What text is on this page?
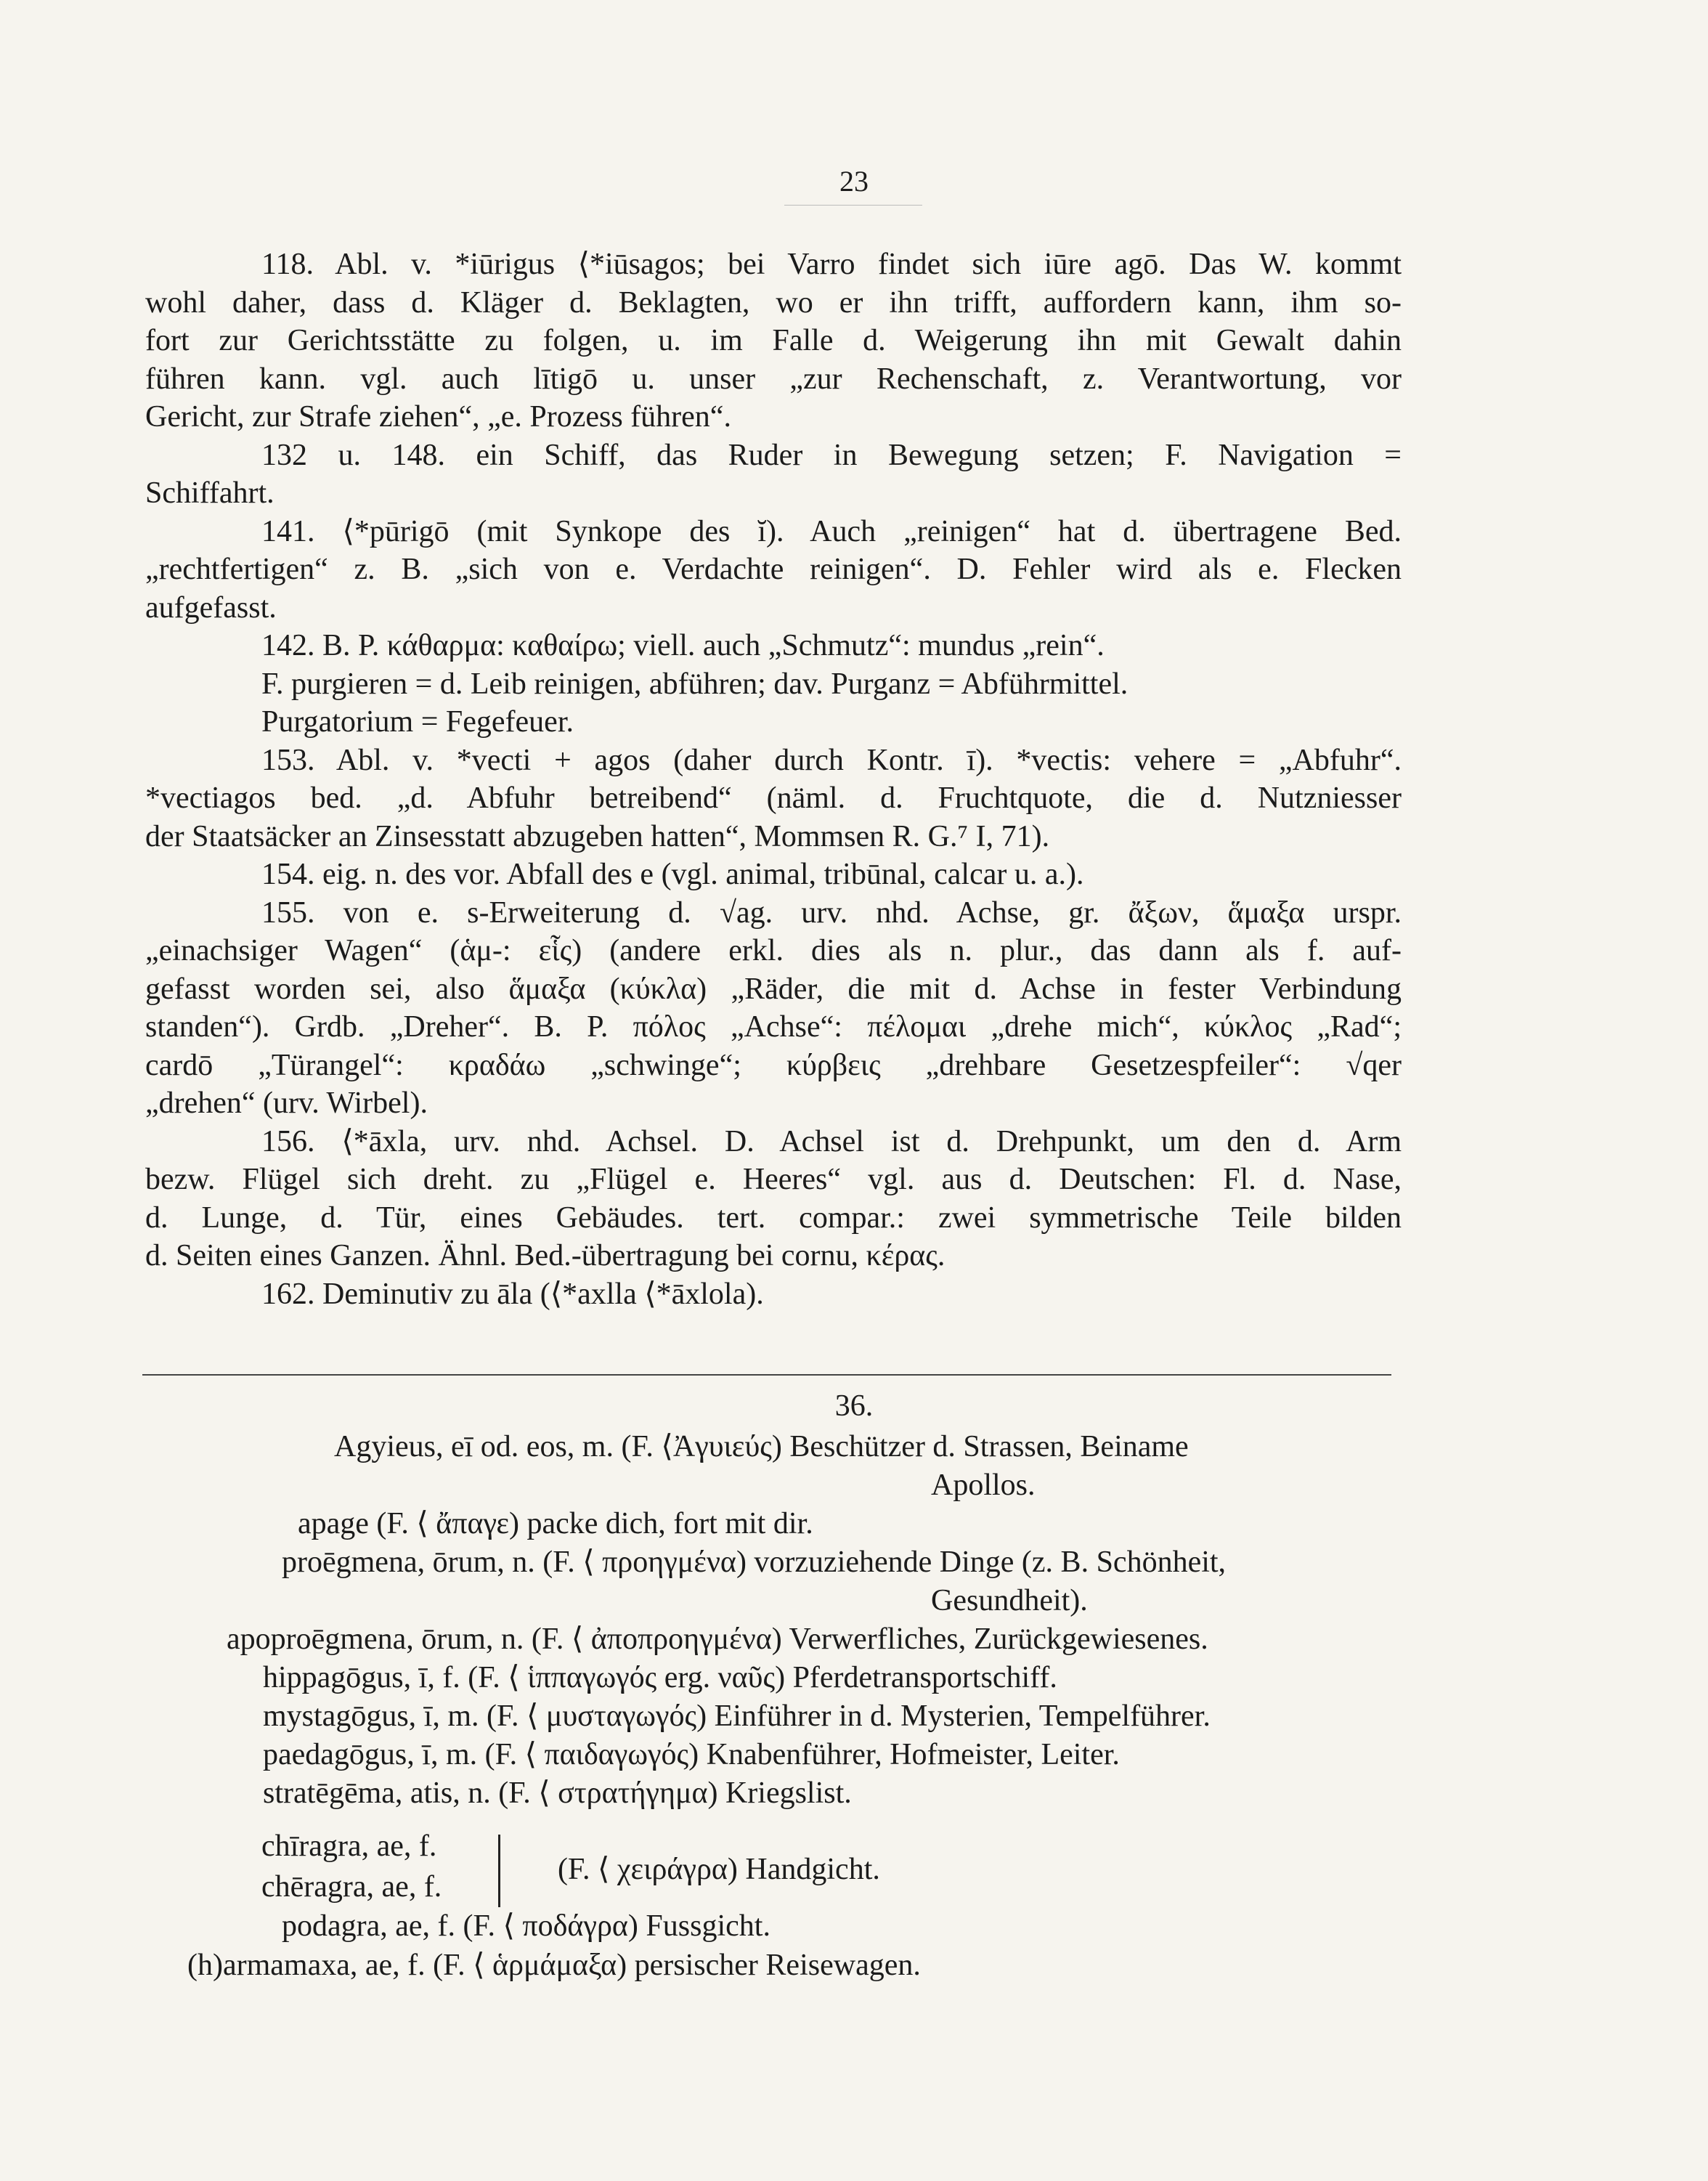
23
118. Abl. v. *iūrigus ⟨*iūsagos; bei Varro findet sich iūre agō. Das W. kommt
wohl daher, dass d. Kläger d. Beklagten, wo er ihn trifft, auffordern kann, ihm so-
fort zur Gerichtsstätte zu folgen, u. im Falle d. Weigerung ihn mit Gewalt dahin
führen kann. vgl. auch lītigō u. unser „zur Rechenschaft, z. Verantwortung, vor
Gericht, zur Strafe ziehen“, „e. Prozess führen“.
132 u. 148. ein Schiff, das Ruder in Bewegung setzen; F. Navigation =
Schiffahrt.
141. ⟨*pūrigō (mit Synkope des ĭ). Auch „reinigen“ hat d. übertragene Bed.
„rechtfertigen“ z. B. „sich von e. Verdachte reinigen“. D. Fehler wird als e. Flecken
aufgefasst.
142. B. P. κάθαρμα: καθαίρω; viell. auch „Schmutz“: mundus „rein“.
F. purgieren = d. Leib reinigen, abführen; dav. Purganz = Abführmittel.
Purgatorium = Fegefeuer.
153. Abl. v. *vecti + agos (daher durch Kontr. ī). *vectis: vehere = „Abfuhr“.
*vectiagos bed. „d. Abfuhr betreibend“ (näml. d. Fruchtquote, die d. Nutzniesser
der Staatsäcker an Zinsesstatt abzugeben hatten“, Mommsen R. G.⁷ I, 71).
154. eig. n. des vor. Abfall des e (vgl. animal, tribūnal, calcar u. a.).
155. von e. s-Erweiterung d. √ag. urv. nhd. Achse, gr. ἄξων, ἅμαξα urspr.
„einachsiger Wagen“ (ἁμ-: εἷς) (andere erkl. dies als n. plur., das dann als f. auf-
gefasst worden sei, also ἅμαξα (κύκλα) „Räder, die mit d. Achse in fester Verbindung
standen“). Grdb. „Dreher“. B. P. πόλος „Achse“: πέλομαι „drehe mich“, κύκλος „Rad“;
cardō „Türangel“: κραδάω „schwinge“; κύρβεις „drehbare Gesetzespfeiler“: √qer
„drehen“ (urv. Wirbel).
156. ⟨*āxla, urv. nhd. Achsel. D. Achsel ist d. Drehpunkt, um den d. Arm
bezw. Flügel sich dreht. zu „Flügel e. Heeres“ vgl. aus d. Deutschen: Fl. d. Nase,
d. Lunge, d. Tür, eines Gebäudes. tert. compar.: zwei symmetrische Teile bilden
d. Seiten eines Ganzen. Ähnl. Bed.-übertragung bei cornu, κέρας.
162. Deminutiv zu āla (⟨*axlla ⟨*āxlola).
36.
Agyieus, eī od. eos, m. (F. ⟨Ἀγυιεύς) Beschützer d. Strassen, Beiname
Apollos.
apage (F. ⟨ ἄπαγε) packe dich, fort mit dir.
proēgmena, ōrum, n. (F. ⟨ προηγμένα) vorzuziehende Dinge (z. B. Schönheit,
Gesundheit).
apoproēgmena, ōrum, n. (F. ⟨ ἀποπροηγμένα) Verwerfliches, Zurückgewiesenes.
hippagōgus, ī, f. (F. ⟨ ἱππαγωγός erg. ναῦς) Pferdetransportschiff.
mystagōgus, ī, m. (F. ⟨ μυσταγωγός) Einführer in d. Mysterien, Tempelführer.
paedagōgus, ī, m. (F. ⟨ παιδαγωγός) Knabenführer, Hofmeister, Leiter.
stratēgēma, atis, n. (F. ⟨ στρατήγημα) Kriegslist.
podagra, ae, f. (F. ⟨ ποδάγρα) Fussgicht.
(h)armamaxa, ae, f. (F. ⟨ ἁρμάμαξα) persischer Reisewagen.
chīragra, ae, f.
chēragra, ae, f.
(F. ⟨ χειράγρα) Handgicht.
